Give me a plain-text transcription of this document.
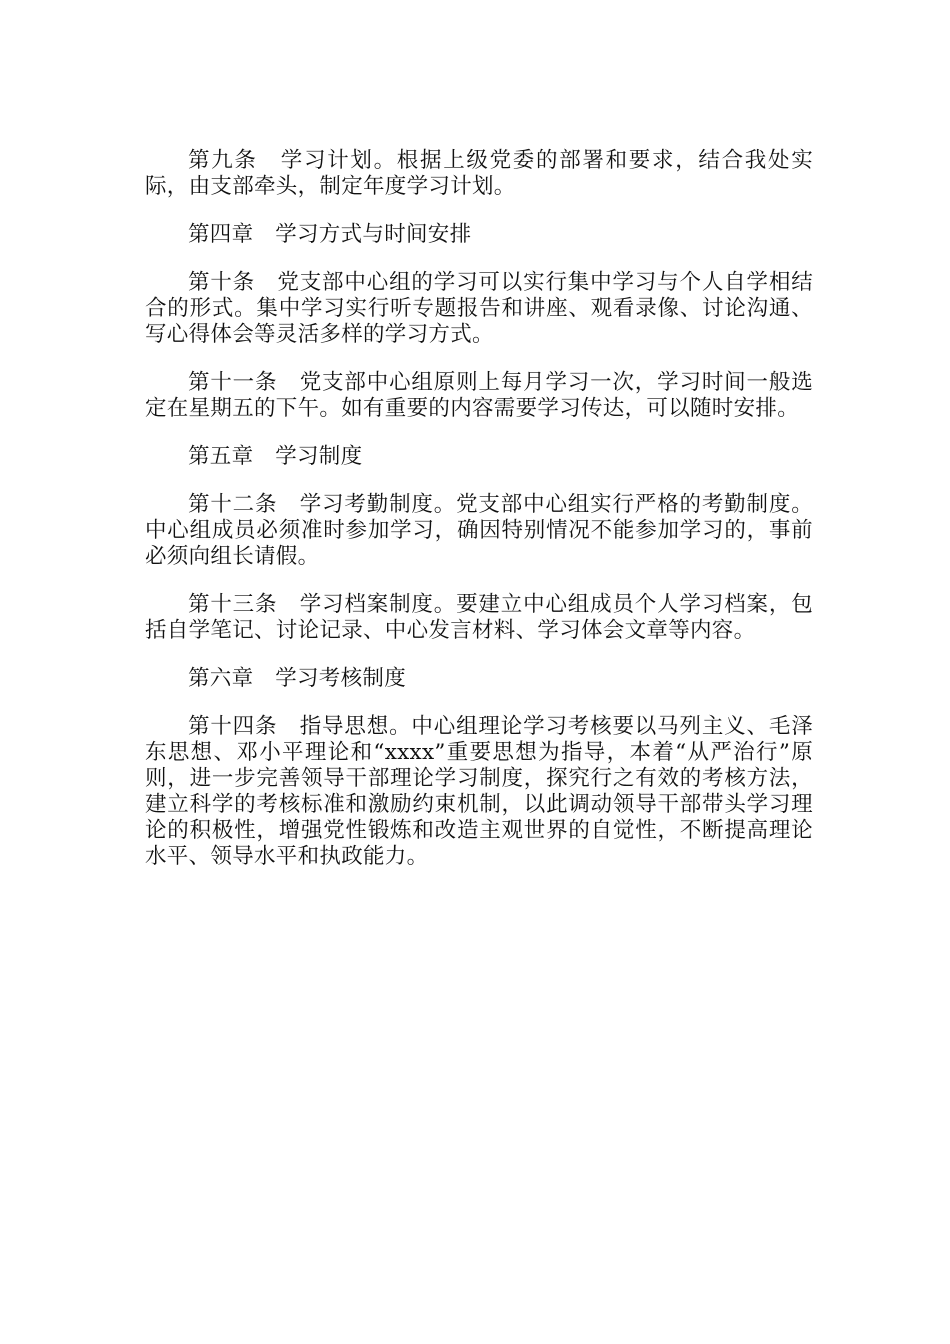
第九条　学习计划。根据上级党委的部署和要求，结合我处实际，由支部牵头，制定年度学习计划。

第四章　学习方式与时间安排

第十条　党支部中心组的学习可以实行集中学习与个人自学相结合的形式。集中学习实行听专题报告和讲座、观看录像、讨论沟通、写心得体会等灵活多样的学习方式。

第十一条　党支部中心组原则上每月学习一次，学习时间一般选定在星期五的下午。如有重要的内容需要学习传达，可以随时安排。

第五章　学习制度

第十二条　学习考勤制度。党支部中心组实行严格的考勤制度。中心组成员必须准时参加学习，确因特别情况不能参加学习的，事前必须向组长请假。

第十三条　学习档案制度。要建立中心组成员个人学习档案，包括自学笔记、讨论记录、中心发言材料、学习体会文章等内容。

第六章　学习考核制度

第十四条　指导思想。中心组理论学习考核要以马列主义、毛泽东思想、邓小平理论和“xxxx”重要思想为指导，本着“从严治行”原则，进一步完善领导干部理论学习制度，探究行之有效的考核方法，建立科学的考核标准和激励约束机制，以此调动领导干部带头学习理论的积极性，增强党性锻炼和改造主观世界的自觉性，不断提高理论水平、领导水平和执政能力。
